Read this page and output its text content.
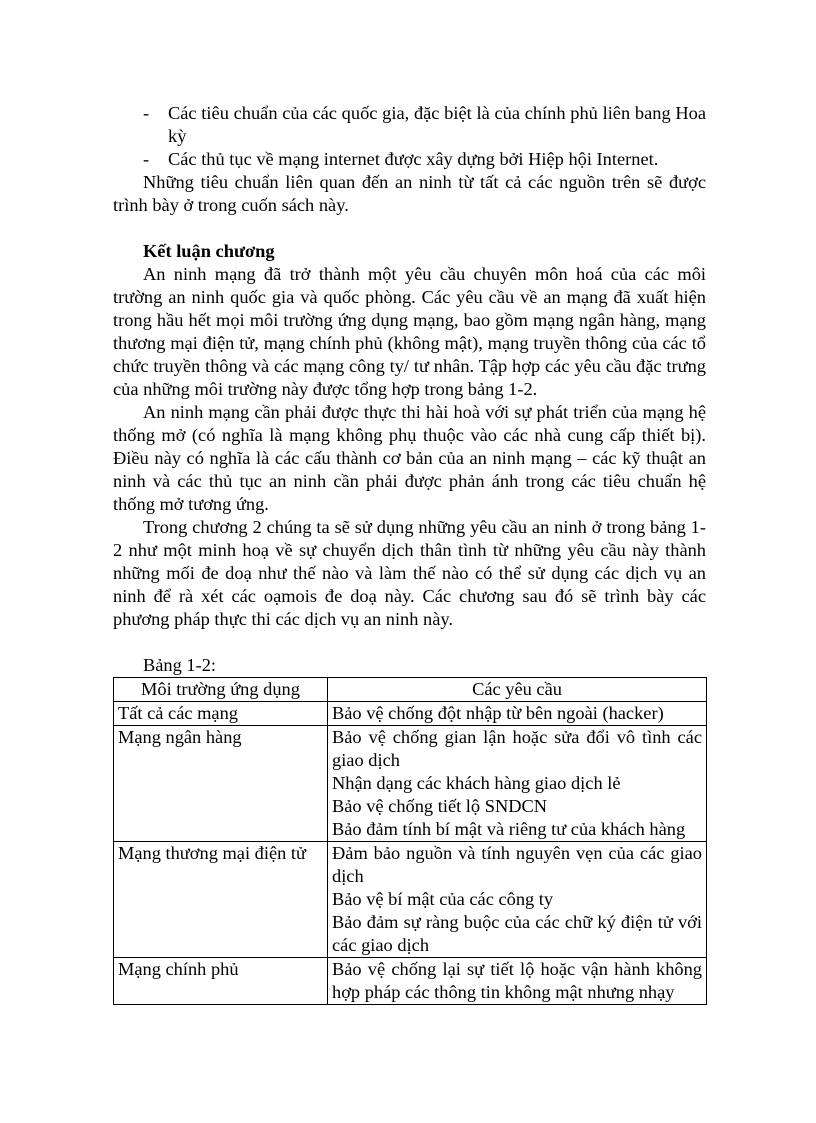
- Các tiêu chuẩn của các quốc gia, đặc biệt là của chính phủ liên bang Hoa kỳ
- Các thủ tục về mạng internet được xây dựng bởi Hiệp hội Internet.

Những tiêu chuẩn liên quan đến an ninh từ tất cả các nguồn trên sẽ được trình bày ở trong cuốn sách này.

Kết luận chương

An ninh mạng đã trở thành một yêu cầu chuyên môn hoá của các môi trường an ninh quốc gia và quốc phòng. Các yêu cầu về an mạng đã xuất hiện trong hầu hết mọi môi trường ứng dụng mạng, bao gồm mạng ngân hàng, mạng thương mại điện tử, mạng chính phủ (không mật), mạng truyền thông của các tổ chức truyền thông và các mạng công ty/ tư nhân. Tập hợp các yêu cầu đặc trưng của những môi trường này được tổng hợp trong bảng 1-2.

An ninh mạng cần phải được thực thi hài hoà với sự phát triển của mạng hệ thống mở (có nghĩa là mạng không phụ thuộc vào các nhà cung cấp thiết bị). Điều này có nghĩa là các cấu thành cơ bản của an ninh mạng – các kỹ thuật an ninh và các thủ tục an ninh cần phải được phản ánh trong các tiêu chuẩn hệ thống mở tương ứng.

Trong chương 2 chúng ta sẽ sử dụng những yêu cầu an ninh ở trong bảng 1-2 như một minh hoạ về sự chuyển dịch thân tình từ những yêu cầu này thành những mối đe doạ như thế nào và làm thế nào có thể sử dụng các dịch vụ an ninh để rà xét các oạmois đe doạ này. Các chương sau đó sẽ trình bày các phương pháp thực thi các dịch vụ an ninh này.

Bảng 1-2:
Môi trường ứng dụng	Các yêu cầu
Tất cả các mạng	Bảo vệ chống đột nhập từ bên ngoài (hacker)

Mạng ngân hàng	Bảo vệ chống gian lận hoặc sửa đổi vô tình các giao dịch
Nhận dạng các khách hàng giao dịch lẻ
Bảo vệ chống tiết lộ SNDCN
Bảo đảm tính bí mật và riêng tư của khách hàng

Mạng thương mại điện tử	Đảm bảo nguồn và tính nguyên vẹn của các giao dịch
Bảo vệ bí mật của các công ty
Bảo đảm sự ràng buộc của các chữ ký điện tử với các giao dịch

Mạng chính phủ	Bảo vệ chống lại sự tiết lộ hoặc vận hành không hợp pháp các thông tin không mật nhưng nhạy
